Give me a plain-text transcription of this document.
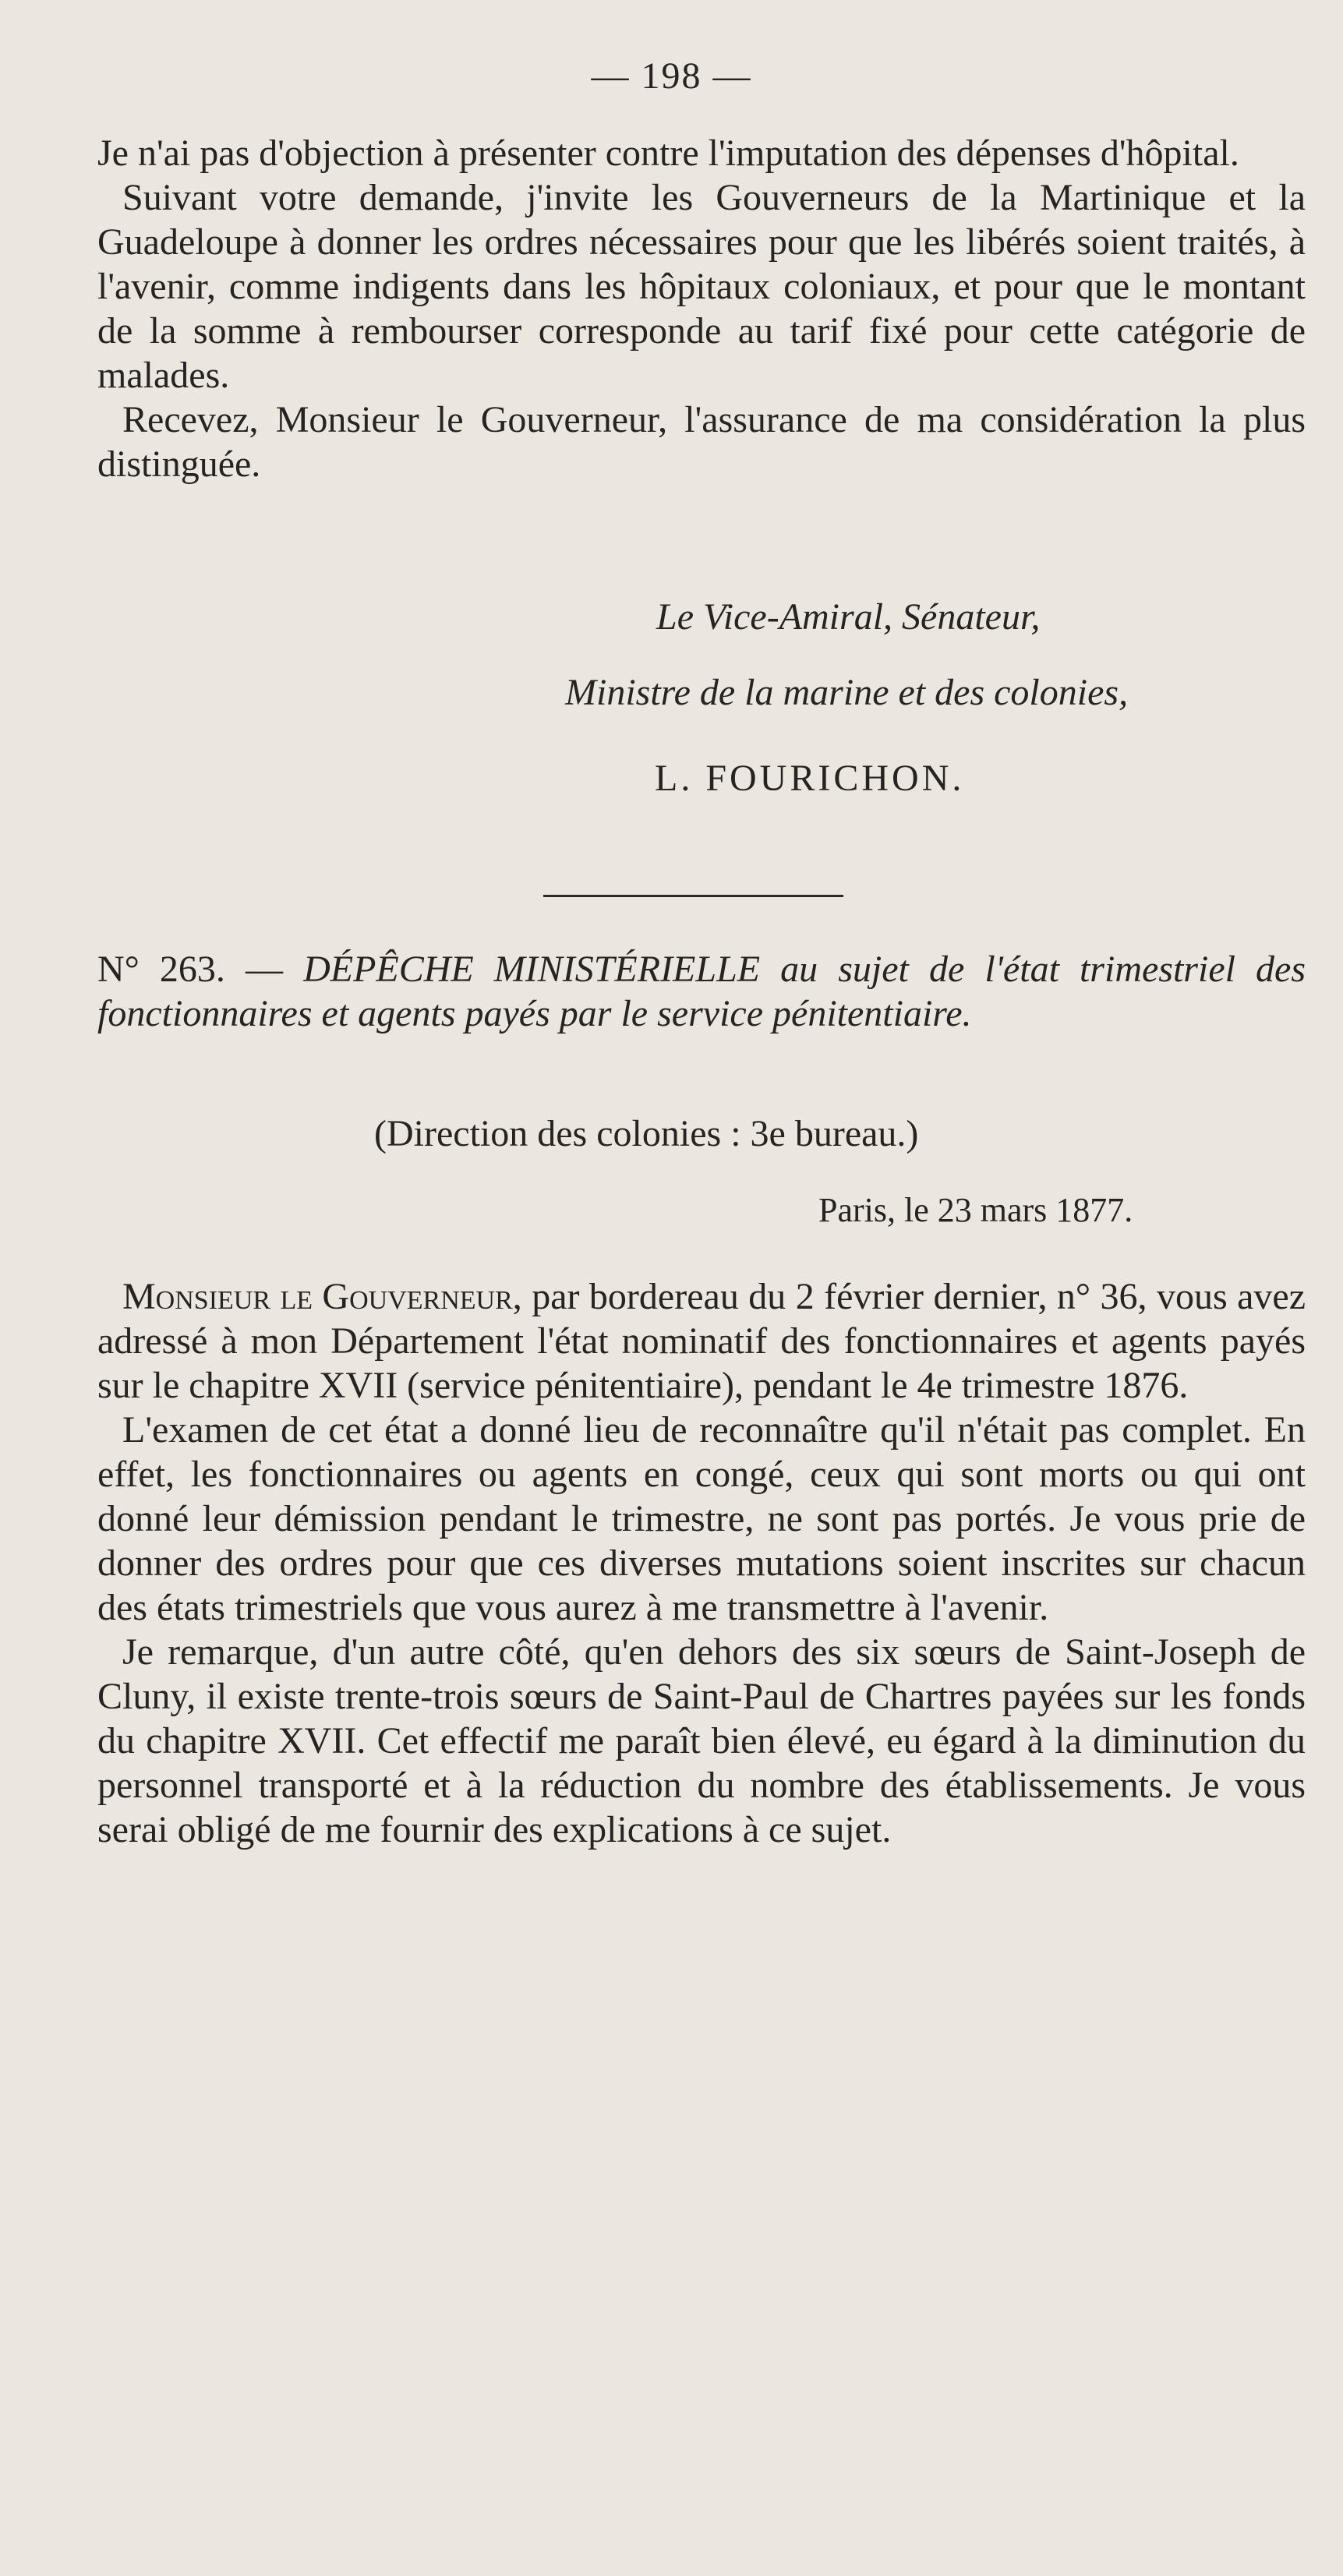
— 198 —

Je n'ai pas d'objection à présenter contre l'imputation des dépenses d'hôpital.

Suivant votre demande, j'invite les Gouverneurs de la Martinique et la Guadeloupe à donner les ordres nécessaires pour que les libérés soient traités, à l'avenir, comme indigents dans les hôpitaux coloniaux, et pour que le montant de la somme à rembourser corresponde au tarif fixé pour cette catégorie de malades.

Recevez, Monsieur le Gouverneur, l'assurance de ma considération la plus distinguée.

Le Vice-Amiral, Sénateur,
Ministre de la marine et des colonies,
L. FOURICHON.

N° 263. — DÉPÊCHE MINISTÉRIELLE au sujet de l'état trimestriel des fonctionnaires et agents payés par le service pénitentiaire.

(Direction des colonies : 3e bureau.)
Paris, le 23 mars 1877.

Monsieur le Gouverneur, par bordereau du 2 février dernier, n° 36, vous avez adressé à mon Département l'état nominatif des fonctionnaires et agents payés sur le chapitre XVII (service pénitentiaire), pendant le 4e trimestre 1876.

L'examen de cet état a donné lieu de reconnaître qu'il n'était pas complet. En effet, les fonctionnaires ou agents en congé, ceux qui sont morts ou qui ont donné leur démission pendant le trimestre, ne sont pas portés. Je vous prie de donner des ordres pour que ces diverses mutations soient inscrites sur chacun des états trimestriels que vous aurez à me transmettre à l'avenir.

Je remarque, d'un autre côté, qu'en dehors des six sœurs de Saint-Joseph de Cluny, il existe trente-trois sœurs de Saint-Paul de Chartres payées sur les fonds du chapitre XVII. Cet effectif me paraît bien élevé, eu égard à la diminution du personnel transporté et à la réduction du nombre des établissements. Je vous serai obligé de me fournir des explications à ce sujet.
